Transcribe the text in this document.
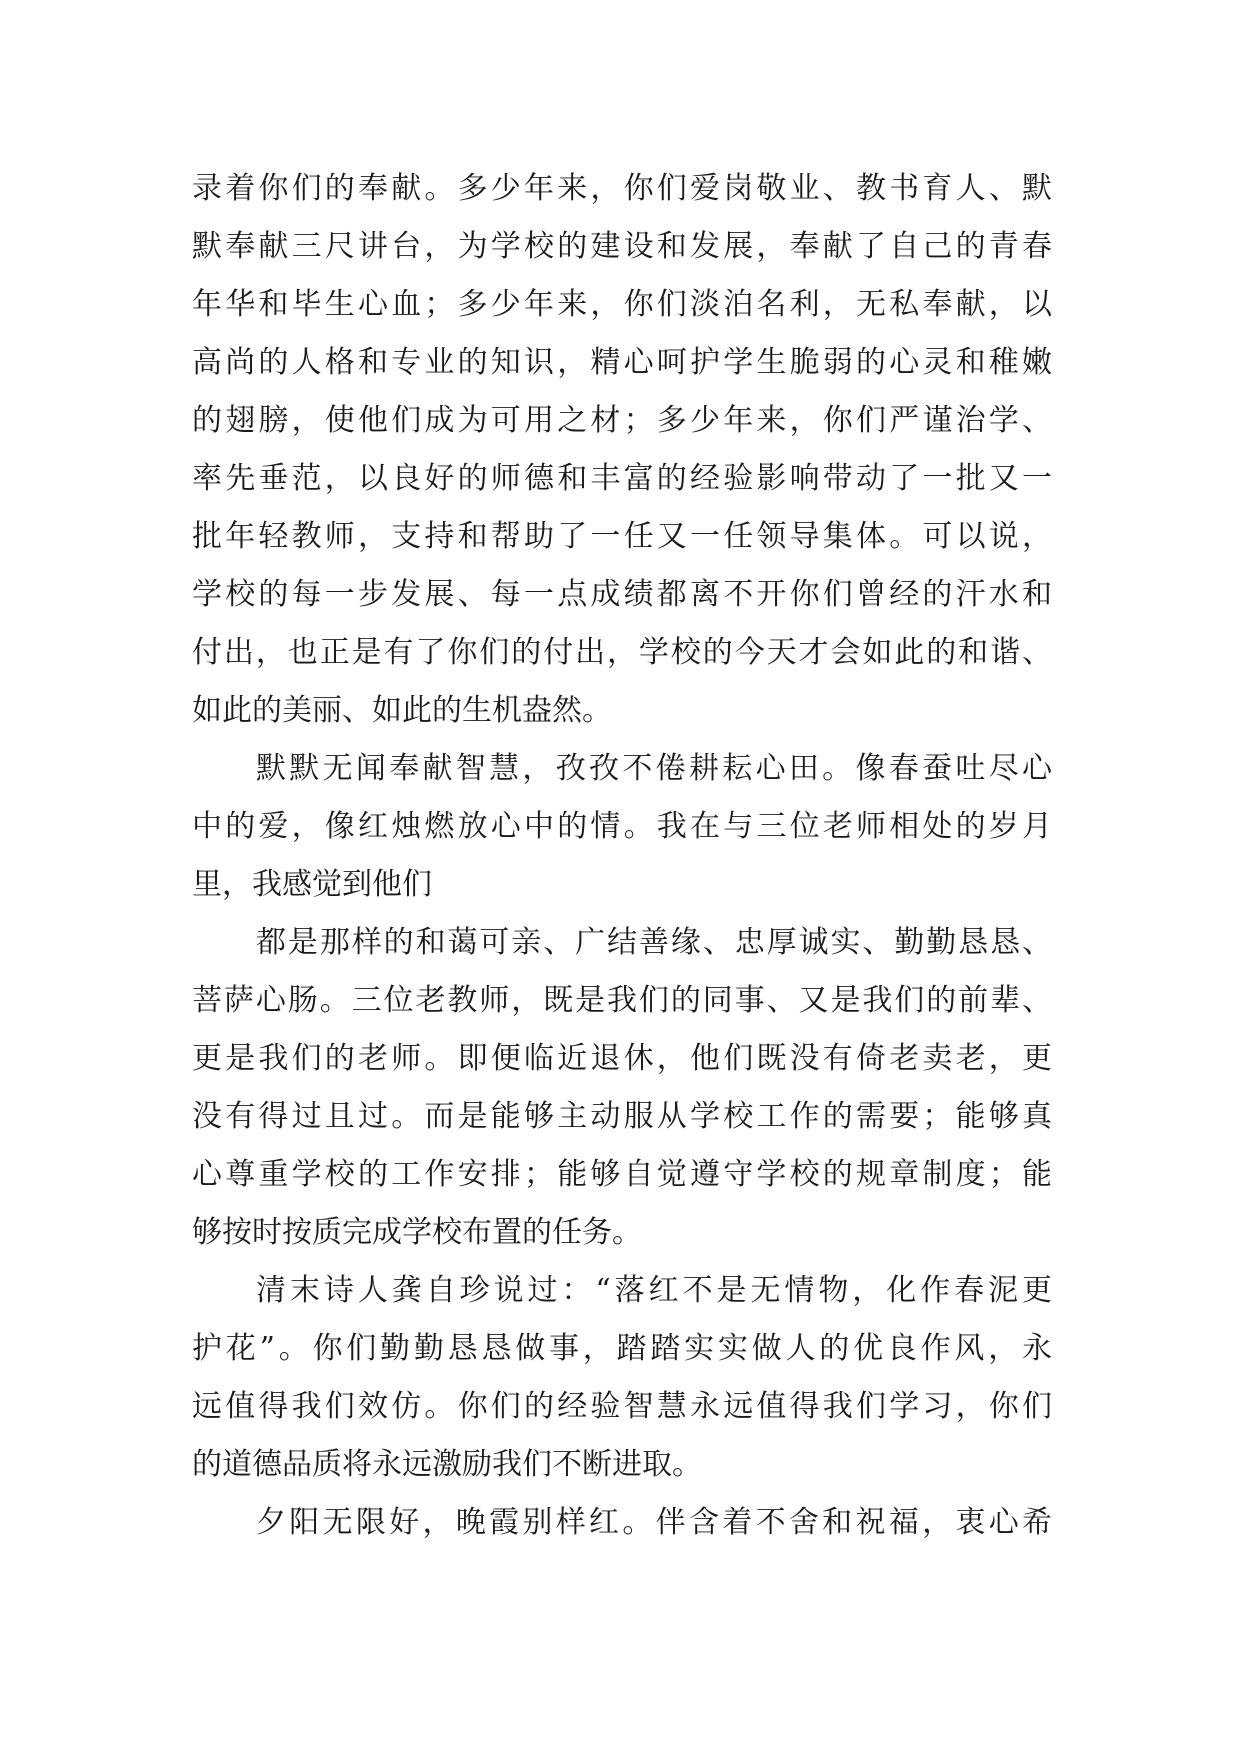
录着你们的奉献。多少年来，你们爱岗敬业、教书育人、默
默奉献三尺讲台，为学校的建设和发展，奉献了自己的青春
年华和毕生心血；多少年来，你们淡泊名利，无私奉献，以
高尚的人格和专业的知识，精心呵护学生脆弱的心灵和稚嫩
的翅膀，使他们成为可用之材；多少年来，你们严谨治学、
率先垂范，以良好的师德和丰富的经验影响带动了一批又一
批年轻教师，支持和帮助了一任又一任领导集体。可以说，
学校的每一步发展、每一点成绩都离不开你们曾经的汗水和
付出，也正是有了你们的付出，学校的今天才会如此的和谐、
如此的美丽、如此的生机盎然。
默默无闻奉献智慧，孜孜不倦耕耘心田。像春蚕吐尽心
中的爱，像红烛燃放心中的情。我在与三位老师相处的岁月
里，我感觉到他们
都是那样的和蔼可亲、广结善缘、忠厚诚实、勤勤恳恳、
菩萨心肠。三位老教师，既是我们的同事、又是我们的前辈、
更是我们的老师。即便临近退休，他们既没有倚老卖老，更
没有得过且过。而是能够主动服从学校工作的需要；能够真
心尊重学校的工作安排；能够自觉遵守学校的规章制度；能
够按时按质完成学校布置的任务。
清末诗人龚自珍说过：“落红不是无情物，化作春泥更
护花”。你们勤勤恳恳做事，踏踏实实做人的优良作风，永
远值得我们效仿。你们的经验智慧永远值得我们学习，你们
的道德品质将永远激励我们不断进取。
夕阳无限好，晚霞别样红。伴含着不舍和祝福，衷心希
